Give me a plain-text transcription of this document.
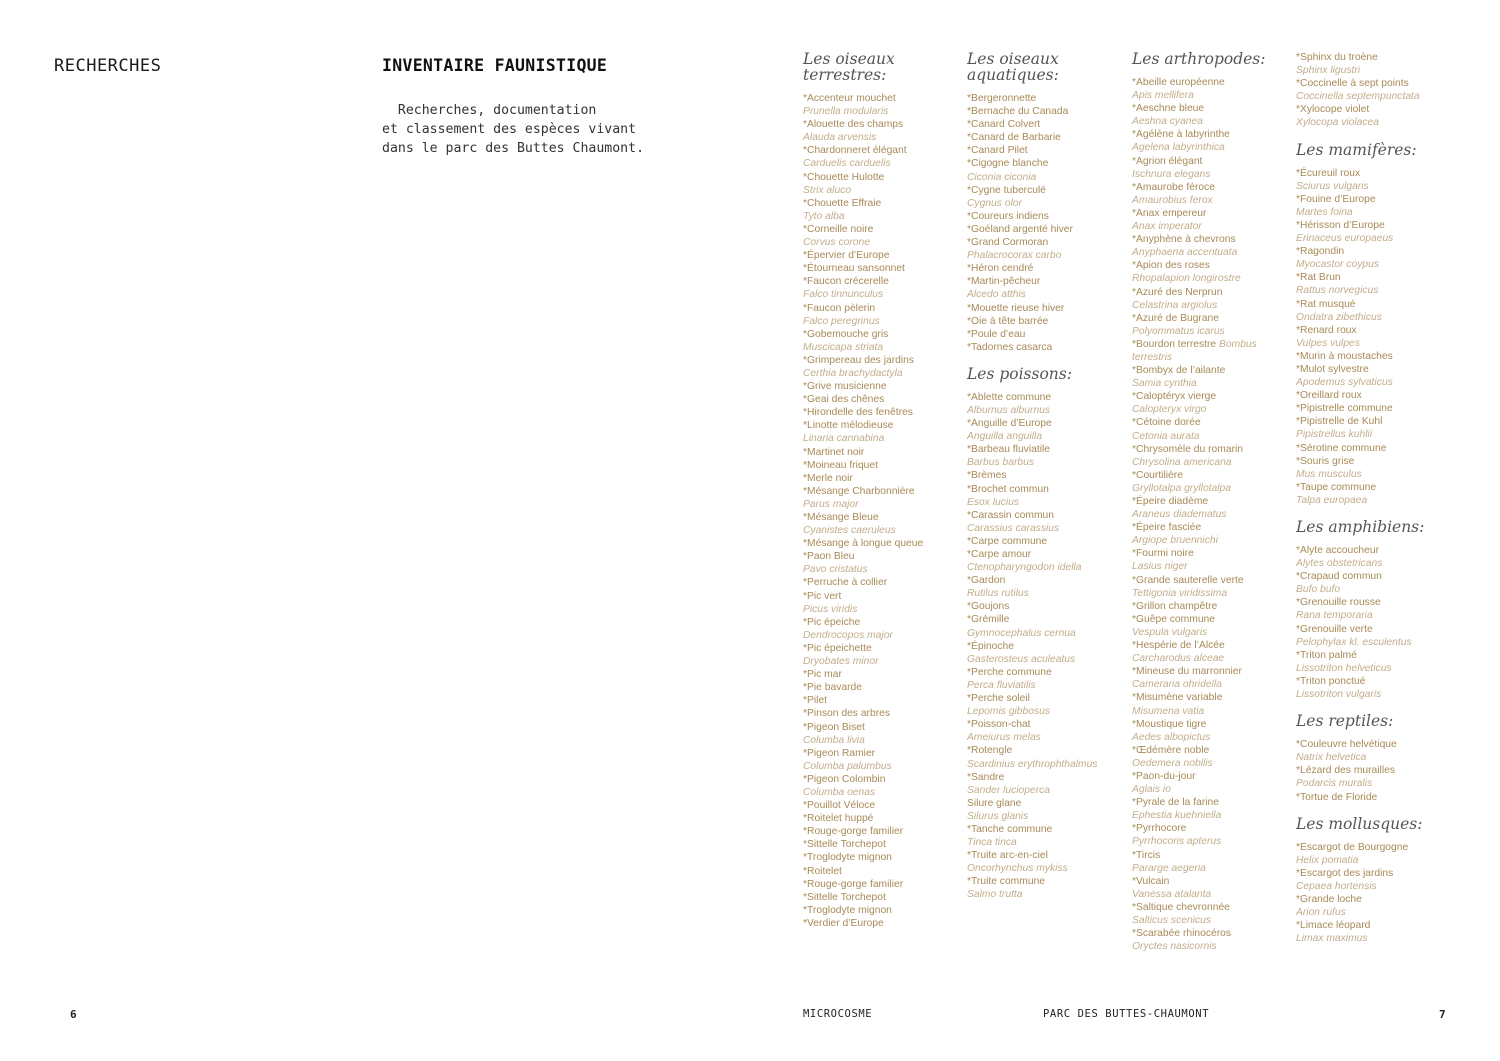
RECHERCHES	INVENTAIRE FAUNISTIQUE
Recherches, documentation
et classement des espèces vivant
dans le parc des Buttes Chaumont.
Les oiseaux
terrestres:
*Accenteur mouchet
Prunella modularis
*Alouette des champs
Alauda arvensis
*Chardonneret élégant
Carduelis carduelis
*Chouette Hulotte
Strix aluco
*Chouette Effraie
Tyto alba
*Corneille noire
Corvus corone
*Épervier d’Europe
*Étourneau sansonnet
*Faucon crécerelle
Falco tinnunculus
*Faucon pèlerin
Falco peregrinus
*Gobemouche gris
Muscicapa striata
*Grimpereau des jardins
Certhia brachydactyla
*Grive musicienne
*Geai des chênes
*Hirondelle des fenêtres
*Linotte mélodieuse
Linaria cannabina
*Martinet noir
*Moineau friquet
*Merle noir
*Mésange Charbonnière
Parus major
*Mésange Bleue
Cyanistes caeruleus
*Mésange à longue queue
*Paon Bleu
Pavo cristatus
*Perruche à collier
*Pic vert
Picus viridis
*Pic épeiche
Dendrocopos major
*Pic épeichette
Dryobates minor
*Pic mar
*Pie bavarde
*Pilet
*Pinson des arbres
*Pigeon Biset
Columba livia
*Pigeon Ramier
Columba palumbus
*Pigeon Colombin
Columba oenas
*Pouillot Véloce
*Roitelet huppé
*Rouge-gorge familier
*Sittelle Torchepot
*Troglodyte mignon
*Roitelet
*Rouge-gorge familier
*Sittelle Torchepot
*Troglodyte mignon
*Verdier d’Europe
Les oiseaux
aquatiques:
*Bergeronnette
*Bernache du Canada
*Canard Colvert
*Canard de Barbarie
*Canard Pilet
*Cigogne blanche
Ciconia ciconia
*Cygne tuberculé
Cygnus olor
*Coureurs indiens
*Goéland argenté hiver
*Grand Cormoran
Phalacrocorax carbo
*Héron cendré
*Martin-pêcheur
Alcedo atthis
*Mouette rieuse hiver
*Oie à tête barrée
*Poule d’eau
*Tadornes casarca
Les poissons:
*Ablette commune
Alburnus alburnus
*Anguille d’Europe
Anguilla anguilla
*Barbeau fluviatile
Barbus barbus
*Brèmes
*Brochet commun
Esox lucius
*Carassin commun
Carassius carassius
*Carpe commune
*Carpe amour
Ctenopharyngodon idella
*Gardon
Rutilus rutilus
*Goujons
*Grémille
Gymnocephalus cernua
*Épinoche
Gasterosteus aculeatus
*Perche commune
Perca fluviatilis
*Perche soleil
Lepomis gibbosus
*Poisson-chat
Ameiurus melas
*Rotengle
Scardinius erythrophthalmus
*Sandre
Sander lucioperca
Silure glane
Silurus glanis
*Tanche commune
Tinca tinca
*Truite arc-en-ciel
Oncorhynchus mykiss
*Truite commune
Salmo trutta
Les arthropodes:
*Abeille européenne
Apis mellifera
*Aeschne bleue
Aeshna cyanea
*Agélène à labyrinthe
Agelena labyrinthica
*Agrion élégant
Ischnura elegans
*Amaurobe féroce
Amaurobius ferox
*Anax empereur
Anax imperator
*Anyphène à chevrons
Anyphaena accentuata
*Apion des roses
Rhopalapion longirostre
*Azuré des Nerprun
Celastrina argiolus
*Azuré de Bugrane
Polyommatus icarus
*Bourdon terrestre Bombus
terrestris
*Bombyx de l’ailante
Samia cynthia
*Caloptéryx vierge
Calopteryx virgo
*Cétoine dorée
Cetonia aurata
*Chrysomèle du romarin
Chrysolina americana
*Courtilière
Gryllotalpa gryllotalpa
*Épeire diadème
Araneus diadematus
*Épeire fasciée
Argiope bruennichi
*Fourmi noire
Lasius niger
*Grande sauterelle verte
Tettigonia viridissima
*Grillon champêtre
*Guêpe commune
Vespula vulgaris
*Hespérie de l’Alcée
Carcharodus alceae
*Mineuse du marronnier
Cameraria ohridella
*Misumène variable
Misumena vatia
*Moustique tigre
Aedes albopictus
*Œdémère noble
Oedemera nobilis
*Paon-du-jour
Aglais io
*Pyrale de la farine
Ephestia kuehniella
*Pyrrhocore
Pyrrhocoris apterus
*Tircis
Pararge aegeria
*Vulcain
Vanessa atalanta
*Saltique chevronnée
Salticus scenicus
*Scarabée rhinocéros
Oryctes nasicornis
*Sphinx du troène
Sphinx ligustri
*Coccinelle à sept points
Coccinella septempunctata
*Xylocope violet
Xylocopa violacea
Les mamifères:
*Écureuil roux
Sciurus vulgaris
*Fouine d’Europe
Martes foina
*Hérisson d’Europe
Erinaceus europaeus
*Ragondin
Myocastor coypus
*Rat Brun
Rattus norvegicus
*Rat musqué
Ondatra zibethicus
*Renard roux
Vulpes vulpes
*Murin à moustaches
*Mulot sylvestre
Apodemus sylvaticus
*Oreillard roux
*Pipistrelle commune
*Pipistrelle de Kuhl
Pipistrellus kuhlii
*Sérotine commune
*Souris grise
Mus musculus
*Taupe commune
Talpa europaea
Les amphibiens:
*Alyte accoucheur
Alytes obstetricans
*Crapaud commun
Bufo bufo
*Grenouille rousse
Rana temporaria
*Grenouille verte
Pelophylax kl. esculentus
*Triton palmé
Lissotriton helveticus
*Triton ponctué
Lissotriton vulgaris
Les reptiles:
*Couleuvre helvétique
Natrix helvetica
*Lézard des murailles
Podarcis muralis
*Tortue de Floride
Les mollusques:
*Escargot de Bourgogne
Helix pomatia
*Escargot des jardins
Cepaea hortensis
*Grande loche
Arion rufus
*Limace léopard
Limax maximus
6	MICROCOSME	PARC DES BUTTES-CHAUMONT	7
